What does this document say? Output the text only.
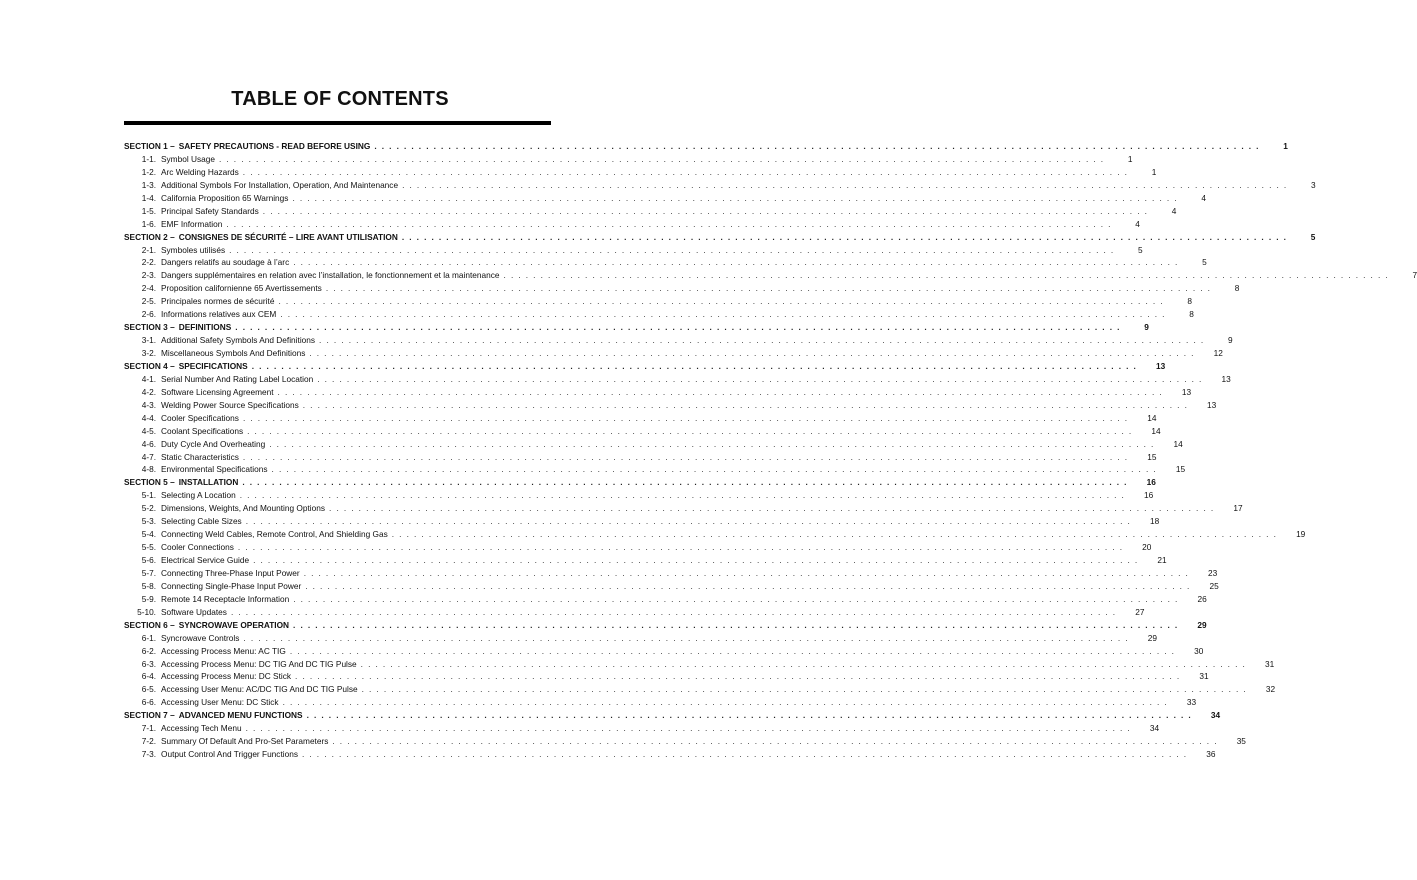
TABLE OF CONTENTS
SECTION 1 – SAFETY PRECAUTIONS - READ BEFORE USING . . . . . . . . . . . . . . . . . . . . . . . . . . . . . . . . . . . . . . . . . . . . . . . . . . . . . . . . . . . . . . . . . . . . . . . . . . . . . . . . . . . . . . . . . . . . . . . . . . . . . . . . . . . . . . . . . . . . . . . .	1
1-1. Symbol Usage . . . . . . . . . . . . . . . . . . . . . . . . . . . . . . . . . . . . . . . . . . . . . . . . . . . . . . . . . . . . . . . . . . . . . . . . . . . . . . . . . . . . . . . . . . . . . . . . . . . . . . . . . . . . . . . . . . . . . . . .	1
1-2. Arc Welding Hazards . . . . . . . . . . . . . . . . . . . . . . . . . . . . . . . . . . . . . . . . . . . . . . . . . . . . . . . . . . . . . . . . . . . . . . . . . . . . . . . . . . . . . . . . . . . . . . . . . . . . . . . . . . . . . . . . . . . . . . . .	1
1-3. Additional Symbols For Installation, Operation, And Maintenance . . . . . . . . . . . . . . . . . . . . . . . . . . . . . . . . . . . . . . . . . . . . . . . . . . . . . . . . . . . . . . . . . . . . . . . . . . . . . . . . . . . . . . . . . . . . . . . . . . . . . . . . . . . . . . . . . . . . . . . .	3
1-4. California Proposition 65 Warnings . . . . . . . . . . . . . . . . . . . . . . . . . . . . . . . . . . . . . . . . . . . . . . . . . . . . . . . . . . . . . . . . . . . . . . . . . . . . . . . . . . . . . . . . . . . . . . . . . . . . . . . . . . . . . . . . . . . . . . . .	4
1-5. Principal Safety Standards . . . . . . . . . . . . . . . . . . . . . . . . . . . . . . . . . . . . . . . . . . . . . . . . . . . . . . . . . . . . . . . . . . . . . . . . . . . . . . . . . . . . . . . . . . . . . . . . . . . . . . . . . . . . . . . . . . . . . . . .	4
1-6. EMF Information . . . . . . . . . . . . . . . . . . . . . . . . . . . . . . . . . . . . . . . . . . . . . . . . . . . . . . . . . . . . . . . . . . . . . . . . . . . . . . . . . . . . . . . . . . . . . . . . . . . . . . . . . . . . . . . . . . . . . . . .	4
SECTION 2 – CONSIGNES DE SÉCURITÉ – LIRE AVANT UTILISATION . . . . . . . . . . . . . . . . . . . . . . . . . . . . . . . . . . . . . . . . . . . . . . . . . . . . . . . . . . . . . . . . . . . . . . . . . . . . . . . . . . . . . . . . . . . . . . . . . . . . . . . . . . . . . . . . . . . . . . . .	5
2-1. Symboles utilisés . . . . . . . . . . . . . . . . . . . . . . . . . . . . . . . . . . . . . . . . . . . . . . . . . . . . . . . . . . . . . . . . . . . . . . . . . . . . . . . . . . . . . . . . . . . . . . . . . . . . . . . . . . . . . . . . . . . . . . . .	5
2-2. Dangers relatifs au soudage à l’arc . . . . . . . . . . . . . . . . . . . . . . . . . . . . . . . . . . . . . . . . . . . . . . . . . . . . . . . . . . . . . . . . . . . . . . . . . . . . . . . . . . . . . . . . . . . . . . . . . . . . . . . . . . . . . . . . . . . . . . . .	5
2-3. Dangers supplémentaires en relation avec l’installation, le fonctionnement et la maintenance . . . . . . . . . . . . . . . . . . . . . . . . . . . . . . . . . . . . . . . . . . . . . . . . . . . . . . . . . . . . . . . . . . . . . . . . . . . . . . . . . . . . . . . . . . . . . . . . . . . . . . . . . . . . . . . . . . . . . . . .	7
2-4. Proposition californienne 65 Avertissements . . . . . . . . . . . . . . . . . . . . . . . . . . . . . . . . . . . . . . . . . . . . . . . . . . . . . . . . . . . . . . . . . . . . . . . . . . . . . . . . . . . . . . . . . . . . . . . . . . . . . . . . . . . . . . . . . . . . . . . .	8
2-5. Principales normes de sécurité . . . . . . . . . . . . . . . . . . . . . . . . . . . . . . . . . . . . . . . . . . . . . . . . . . . . . . . . . . . . . . . . . . . . . . . . . . . . . . . . . . . . . . . . . . . . . . . . . . . . . . . . . . . . . . . . . . . . . . . .	8
2-6. Informations relatives aux CEM . . . . . . . . . . . . . . . . . . . . . . . . . . . . . . . . . . . . . . . . . . . . . . . . . . . . . . . . . . . . . . . . . . . . . . . . . . . . . . . . . . . . . . . . . . . . . . . . . . . . . . . . . . . . . . . . . . . . . . . .	8
SECTION 3 – DEFINITIONS . . . . . . . . . . . . . . . . . . . . . . . . . . . . . . . . . . . . . . . . . . . . . . . . . . . . . . . . . . . . . . . . . . . . . . . . . . . . . . . . . . . . . . . . . . . . . . . . . . . . . . . . . . . . . . . . . . . . . . . .	9
3-1. Additional Safety Symbols And Definitions . . . . . . . . . . . . . . . . . . . . . . . . . . . . . . . . . . . . . . . . . . . . . . . . . . . . . . . . . . . . . . . . . . . . . . . . . . . . . . . . . . . . . . . . . . . . . . . . . . . . . . . . . . . . . . . . . . . . . . . .	9
3-2. Miscellaneous Symbols And Definitions . . . . . . . . . . . . . . . . . . . . . . . . . . . . . . . . . . . . . . . . . . . . . . . . . . . . . . . . . . . . . . . . . . . . . . . . . . . . . . . . . . . . . . . . . . . . . . . . . . . . . . . . . . . . . . . . . . . . . . . .	12
SECTION 4 – SPECIFICATIONS . . . . . . . . . . . . . . . . . . . . . . . . . . . . . . . . . . . . . . . . . . . . . . . . . . . . . . . . . . . . . . . . . . . . . . . . . . . . . . . . . . . . . . . . . . . . . . . . . . . . . . . . . . . . . . . . . . . . . . . .	13
4-1. Serial Number And Rating Label Location . . . . . . . . . . . . . . . . . . . . . . . . . . . . . . . . . . . . . . . . . . . . . . . . . . . . . . . . . . . . . . . . . . . . . . . . . . . . . . . . . . . . . . . . . . . . . . . . . . . . . . . . . . . . . . . . . . . . . . . .	13
4-2. Software Licensing Agreement . . . . . . . . . . . . . . . . . . . . . . . . . . . . . . . . . . . . . . . . . . . . . . . . . . . . . . . . . . . . . . . . . . . . . . . . . . . . . . . . . . . . . . . . . . . . . . . . . . . . . . . . . . . . . . . . . . . . . . . .	13
4-3. Welding Power Source Specifications . . . . . . . . . . . . . . . . . . . . . . . . . . . . . . . . . . . . . . . . . . . . . . . . . . . . . . . . . . . . . . . . . . . . . . . . . . . . . . . . . . . . . . . . . . . . . . . . . . . . . . . . . . . . . . . . . . . . . . . .	13
4-4. Cooler Specifications . . . . . . . . . . . . . . . . . . . . . . . . . . . . . . . . . . . . . . . . . . . . . . . . . . . . . . . . . . . . . . . . . . . . . . . . . . . . . . . . . . . . . . . . . . . . . . . . . . . . . . . . . . . . . . . . . . . . . . . .	14
4-5. Coolant Specifications . . . . . . . . . . . . . . . . . . . . . . . . . . . . . . . . . . . . . . . . . . . . . . . . . . . . . . . . . . . . . . . . . . . . . . . . . . . . . . . . . . . . . . . . . . . . . . . . . . . . . . . . . . . . . . . . . . . . . . . .	14
4-6. Duty Cycle And Overheating . . . . . . . . . . . . . . . . . . . . . . . . . . . . . . . . . . . . . . . . . . . . . . . . . . . . . . . . . . . . . . . . . . . . . . . . . . . . . . . . . . . . . . . . . . . . . . . . . . . . . . . . . . . . . . . . . . . . . . . .	14
4-7. Static Characteristics . . . . . . . . . . . . . . . . . . . . . . . . . . . . . . . . . . . . . . . . . . . . . . . . . . . . . . . . . . . . . . . . . . . . . . . . . . . . . . . . . . . . . . . . . . . . . . . . . . . . . . . . . . . . . . . . . . . . . . . .	15
4-8. Environmental Specifications . . . . . . . . . . . . . . . . . . . . . . . . . . . . . . . . . . . . . . . . . . . . . . . . . . . . . . . . . . . . . . . . . . . . . . . . . . . . . . . . . . . . . . . . . . . . . . . . . . . . . . . . . . . . . . . . . . . . . . . .	15
SECTION 5 – INSTALLATION . . . . . . . . . . . . . . . . . . . . . . . . . . . . . . . . . . . . . . . . . . . . . . . . . . . . . . . . . . . . . . . . . . . . . . . . . . . . . . . . . . . . . . . . . . . . . . . . . . . . . . . . . . . . . . . . . . . . . . . .	16
5-1. Selecting A Location . . . . . . . . . . . . . . . . . . . . . . . . . . . . . . . . . . . . . . . . . . . . . . . . . . . . . . . . . . . . . . . . . . . . . . . . . . . . . . . . . . . . . . . . . . . . . . . . . . . . . . . . . . . . . . . . . . . . . . . .	16
5-2. Dimensions, Weights, And Mounting Options . . . . . . . . . . . . . . . . . . . . . . . . . . . . . . . . . . . . . . . . . . . . . . . . . . . . . . . . . . . . . . . . . . . . . . . . . . . . . . . . . . . . . . . . . . . . . . . . . . . . . . . . . . . . . . . . . . . . . . . .	17
5-3. Selecting Cable Sizes . . . . . . . . . . . . . . . . . . . . . . . . . . . . . . . . . . . . . . . . . . . . . . . . . . . . . . . . . . . . . . . . . . . . . . . . . . . . . . . . . . . . . . . . . . . . . . . . . . . . . . . . . . . . . . . . . . . . . . . .	18
5-4. Connecting Weld Cables, Remote Control, And Shielding Gas . . . . . . . . . . . . . . . . . . . . . . . . . . . . . . . . . . . . . . . . . . . . . . . . . . . . . . . . . . . . . . . . . . . . . . . . . . . . . . . . . . . . . . . . . . . . . . . . . . . . . . . . . . . . . . . . . . . . . . . .	19
5-5. Cooler Connections . . . . . . . . . . . . . . . . . . . . . . . . . . . . . . . . . . . . . . . . . . . . . . . . . . . . . . . . . . . . . . . . . . . . . . . . . . . . . . . . . . . . . . . . . . . . . . . . . . . . . . . . . . . . . . . . . . . . . . . .	20
5-6. Electrical Service Guide . . . . . . . . . . . . . . . . . . . . . . . . . . . . . . . . . . . . . . . . . . . . . . . . . . . . . . . . . . . . . . . . . . . . . . . . . . . . . . . . . . . . . . . . . . . . . . . . . . . . . . . . . . . . . . . . . . . . . . . .	21
5-7. Connecting Three-Phase Input Power . . . . . . . . . . . . . . . . . . . . . . . . . . . . . . . . . . . . . . . . . . . . . . . . . . . . . . . . . . . . . . . . . . . . . . . . . . . . . . . . . . . . . . . . . . . . . . . . . . . . . . . . . . . . . . . . . . . . . . . .	23
5-8. Connecting Single-Phase Input Power . . . . . . . . . . . . . . . . . . . . . . . . . . . . . . . . . . . . . . . . . . . . . . . . . . . . . . . . . . . . . . . . . . . . . . . . . . . . . . . . . . . . . . . . . . . . . . . . . . . . . . . . . . . . . . . . . . . . . . . .	25
5-9. Remote 14 Receptacle Information . . . . . . . . . . . . . . . . . . . . . . . . . . . . . . . . . . . . . . . . . . . . . . . . . . . . . . . . . . . . . . . . . . . . . . . . . . . . . . . . . . . . . . . . . . . . . . . . . . . . . . . . . . . . . . . . . . . . . . . .	26
5-10. Software Updates . . . . . . . . . . . . . . . . . . . . . . . . . . . . . . . . . . . . . . . . . . . . . . . . . . . . . . . . . . . . . . . . . . . . . . . . . . . . . . . . . . . . . . . . . . . . . . . . . . . . . . . . . . . . . . . . . . . . . . . .	27
SECTION 6 – SYNCROWAVE OPERATION . . . . . . . . . . . . . . . . . . . . . . . . . . . . . . . . . . . . . . . . . . . . . . . . . . . . . . . . . . . . . . . . . . . . . . . . . . . . . . . . . . . . . . . . . . . . . . . . . . . . . . . . . . . . . . . . . . . . . . . .	29
6-1. Syncrowave Controls . . . . . . . . . . . . . . . . . . . . . . . . . . . . . . . . . . . . . . . . . . . . . . . . . . . . . . . . . . . . . . . . . . . . . . . . . . . . . . . . . . . . . . . . . . . . . . . . . . . . . . . . . . . . . . . . . . . . . . . .	29
6-2. Accessing Process Menu: AC TIG . . . . . . . . . . . . . . . . . . . . . . . . . . . . . . . . . . . . . . . . . . . . . . . . . . . . . . . . . . . . . . . . . . . . . . . . . . . . . . . . . . . . . . . . . . . . . . . . . . . . . . . . . . . . . . . . . . . . . . . .	30
6-3. Accessing Process Menu: DC TIG And DC TIG Pulse . . . . . . . . . . . . . . . . . . . . . . . . . . . . . . . . . . . . . . . . . . . . . . . . . . . . . . . . . . . . . . . . . . . . . . . . . . . . . . . . . . . . . . . . . . . . . . . . . . . . . . . . . . . . . . . . . . . . . . . .	31
6-4. Accessing Process Menu: DC Stick . . . . . . . . . . . . . . . . . . . . . . . . . . . . . . . . . . . . . . . . . . . . . . . . . . . . . . . . . . . . . . . . . . . . . . . . . . . . . . . . . . . . . . . . . . . . . . . . . . . . . . . . . . . . . . . . . . . . . . . .	31
6-5. Accessing User Menu: AC/DC TIG And DC TIG Pulse . . . . . . . . . . . . . . . . . . . . . . . . . . . . . . . . . . . . . . . . . . . . . . . . . . . . . . . . . . . . . . . . . . . . . . . . . . . . . . . . . . . . . . . . . . . . . . . . . . . . . . . . . . . . . . . . . . . . . . . .	32
6-6. Accessing User Menu: DC Stick . . . . . . . . . . . . . . . . . . . . . . . . . . . . . . . . . . . . . . . . . . . . . . . . . . . . . . . . . . . . . . . . . . . . . . . . . . . . . . . . . . . . . . . . . . . . . . . . . . . . . . . . . . . . . . . . . . . . . . . .	33
SECTION 7 – ADVANCED MENU FUNCTIONS . . . . . . . . . . . . . . . . . . . . . . . . . . . . . . . . . . . . . . . . . . . . . . . . . . . . . . . . . . . . . . . . . . . . . . . . . . . . . . . . . . . . . . . . . . . . . . . . . . . . . . . . . . . . . . . . . . . . . . . .	34
7-1. Accessing Tech Menu . . . . . . . . . . . . . . . . . . . . . . . . . . . . . . . . . . . . . . . . . . . . . . . . . . . . . . . . . . . . . . . . . . . . . . . . . . . . . . . . . . . . . . . . . . . . . . . . . . . . . . . . . . . . . . . . . . . . . . . .	34
7-2. Summary Of Default And Pro-Set Parameters . . . . . . . . . . . . . . . . . . . . . . . . . . . . . . . . . . . . . . . . . . . . . . . . . . . . . . . . . . . . . . . . . . . . . . . . . . . . . . . . . . . . . . . . . . . . . . . . . . . . . . . . . . . . . . . . . . . . . . . .	35
7-3. Output Control And Trigger Functions . . . . . . . . . . . . . . . . . . . . . . . . . . . . . . . . . . . . . . . . . . . . . . . . . . . . . . . . . . . . . . . . . . . . . . . . . . . . . . . . . . . . . . . . . . . . . . . . . . . . . . . . . . . . . . . . . . . . . . . .	36
